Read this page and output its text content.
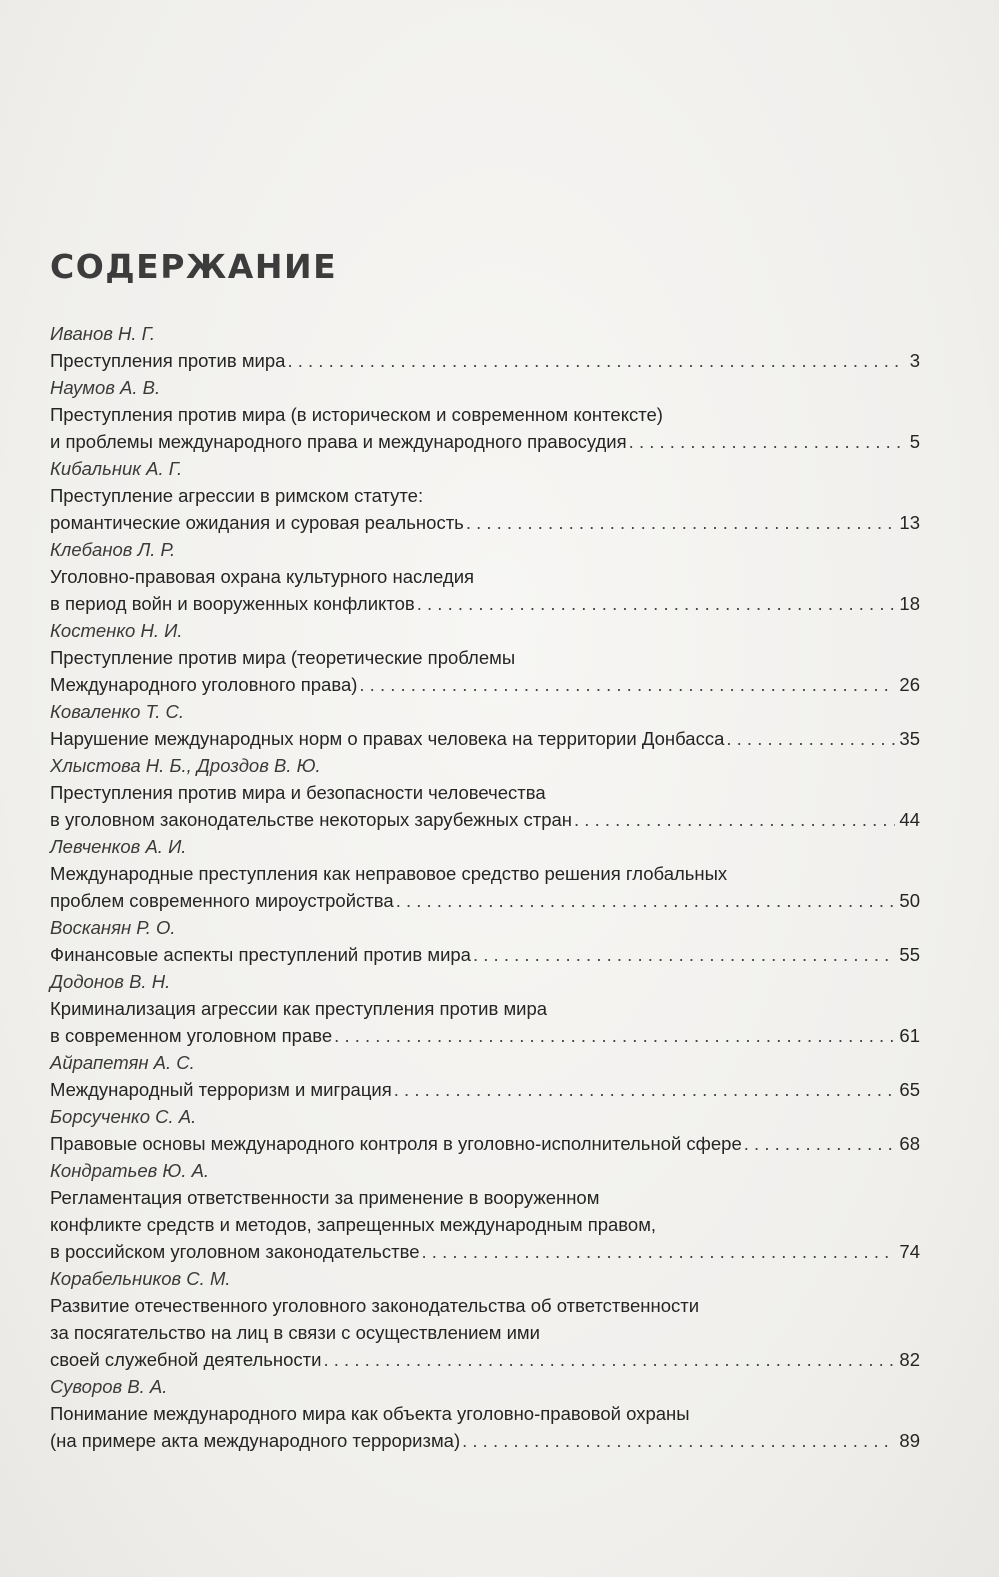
СОДЕРЖАНИЕ
Иванов Н. Г.
Преступления против мира . . .	3
Наумов А. В.
Преступления против мира (в историческом и современном контексте)
и проблемы международного права и международного правосудия . . .	5
Кибальник А. Г.
Преступление агрессии в римском статуте:
романтические ожидания и суровая реальность . . .	13
Клебанов Л. Р.
Уголовно-правовая охрана культурного наследия
в период войн и вооруженных конфликтов . . .	18
Костенко Н. И.
Преступление против мира (теоретические проблемы
Международного уголовного права) . . .	26
Коваленко Т. С.
Нарушение международных норм о правах человека на территории Донбасса . . .	35
Хлыстова Н. Б., Дроздов В. Ю.
Преступления против мира и безопасности человечества
в уголовном законодательстве некоторых зарубежных стран . . .	44
Левченков А. И.
Международные преступления как неправовое средство решения глобальных
проблем современного мироустройства . . .	50
Восканян Р. О.
Финансовые аспекты преступлений против мира . . .	55
Додонов В. Н.
Криминализация агрессии как преступления против мира
в современном уголовном праве . . .	61
Айрапетян А. С.
Международный терроризм и миграция . . .	65
Борсученко С. А.
Правовые основы международного контроля в уголовно-исполнительной сфере . . .	68
Кондратьев Ю. А.
Регламентация ответственности за применение в вооруженном
конфликте средств и методов, запрещенных международным правом,
в российском уголовном законодательстве . . .	74
Корабельников С. М.
Развитие отечественного уголовного законодательства об ответственности
за посягательство на лиц в связи с осуществлением ими
своей служебной деятельности . . .	82
Суворов В. А.
Понимание международного мира как объекта уголовно-правовой охраны
(на примере акта международного терроризма) . . .	89
